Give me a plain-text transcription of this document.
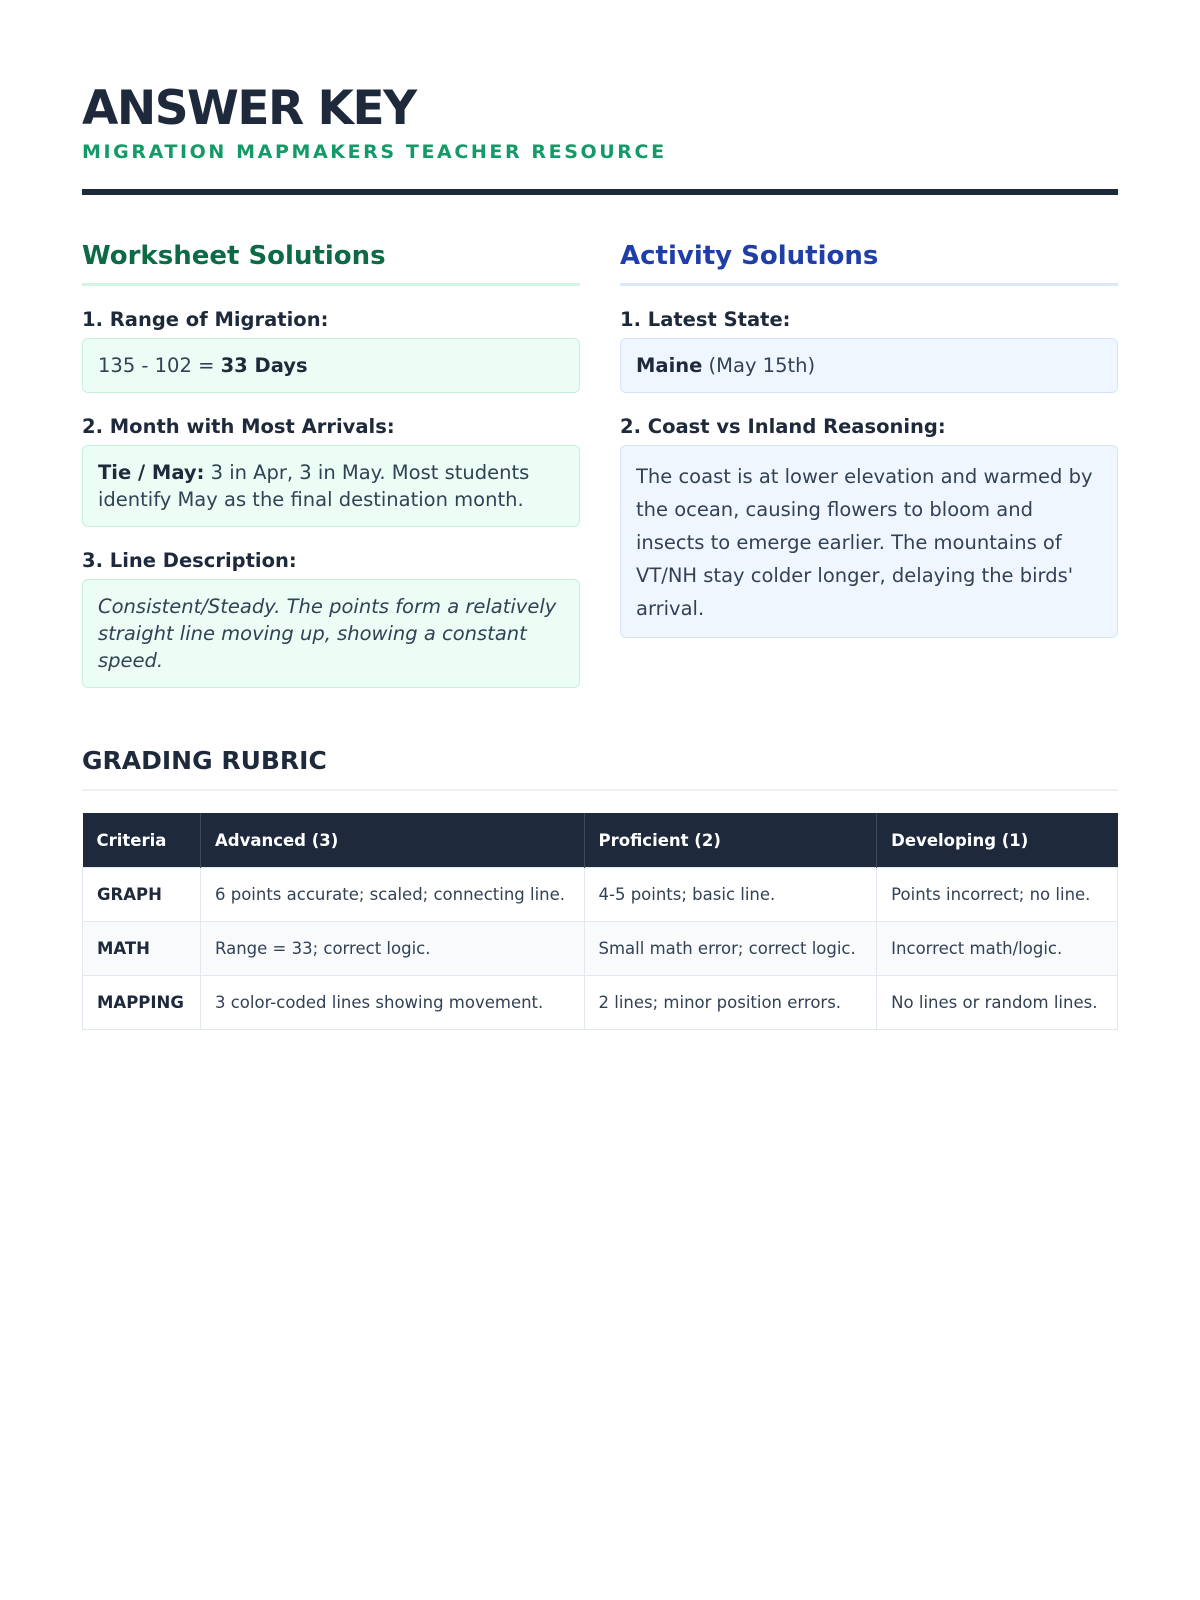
ANSWER KEY
MIGRATION MAPMAKERS TEACHER RESOURCE
Worksheet Solutions
1. Range of Migration:
135 - 102 = 33 Days
2. Month with Most Arrivals:
Tie / May: 3 in Apr, 3 in May. Most students identify May as the final destination month.
3. Line Description:
Consistent/Steady. The points form a relatively straight line moving up, showing a constant speed.
Activity Solutions
1. Latest State:
Maine (May 15th)
2. Coast vs Inland Reasoning:
The coast is at lower elevation and warmed by the ocean, causing flowers to bloom and insects to emerge earlier. The mountains of VT/NH stay colder longer, delaying the birds' arrival.
GRADING RUBRIC
Criteria	Advanced (3)	Proficient (2)	Developing (1)
GRAPH	6 points accurate; scaled; connecting line.	4-5 points; basic line.	Points incorrect; no line.
MATH	Range = 33; correct logic.	Small math error; correct logic.	Incorrect math/logic.
MAPPING	3 color-coded lines showing movement.	2 lines; minor position errors.	No lines or random lines.
